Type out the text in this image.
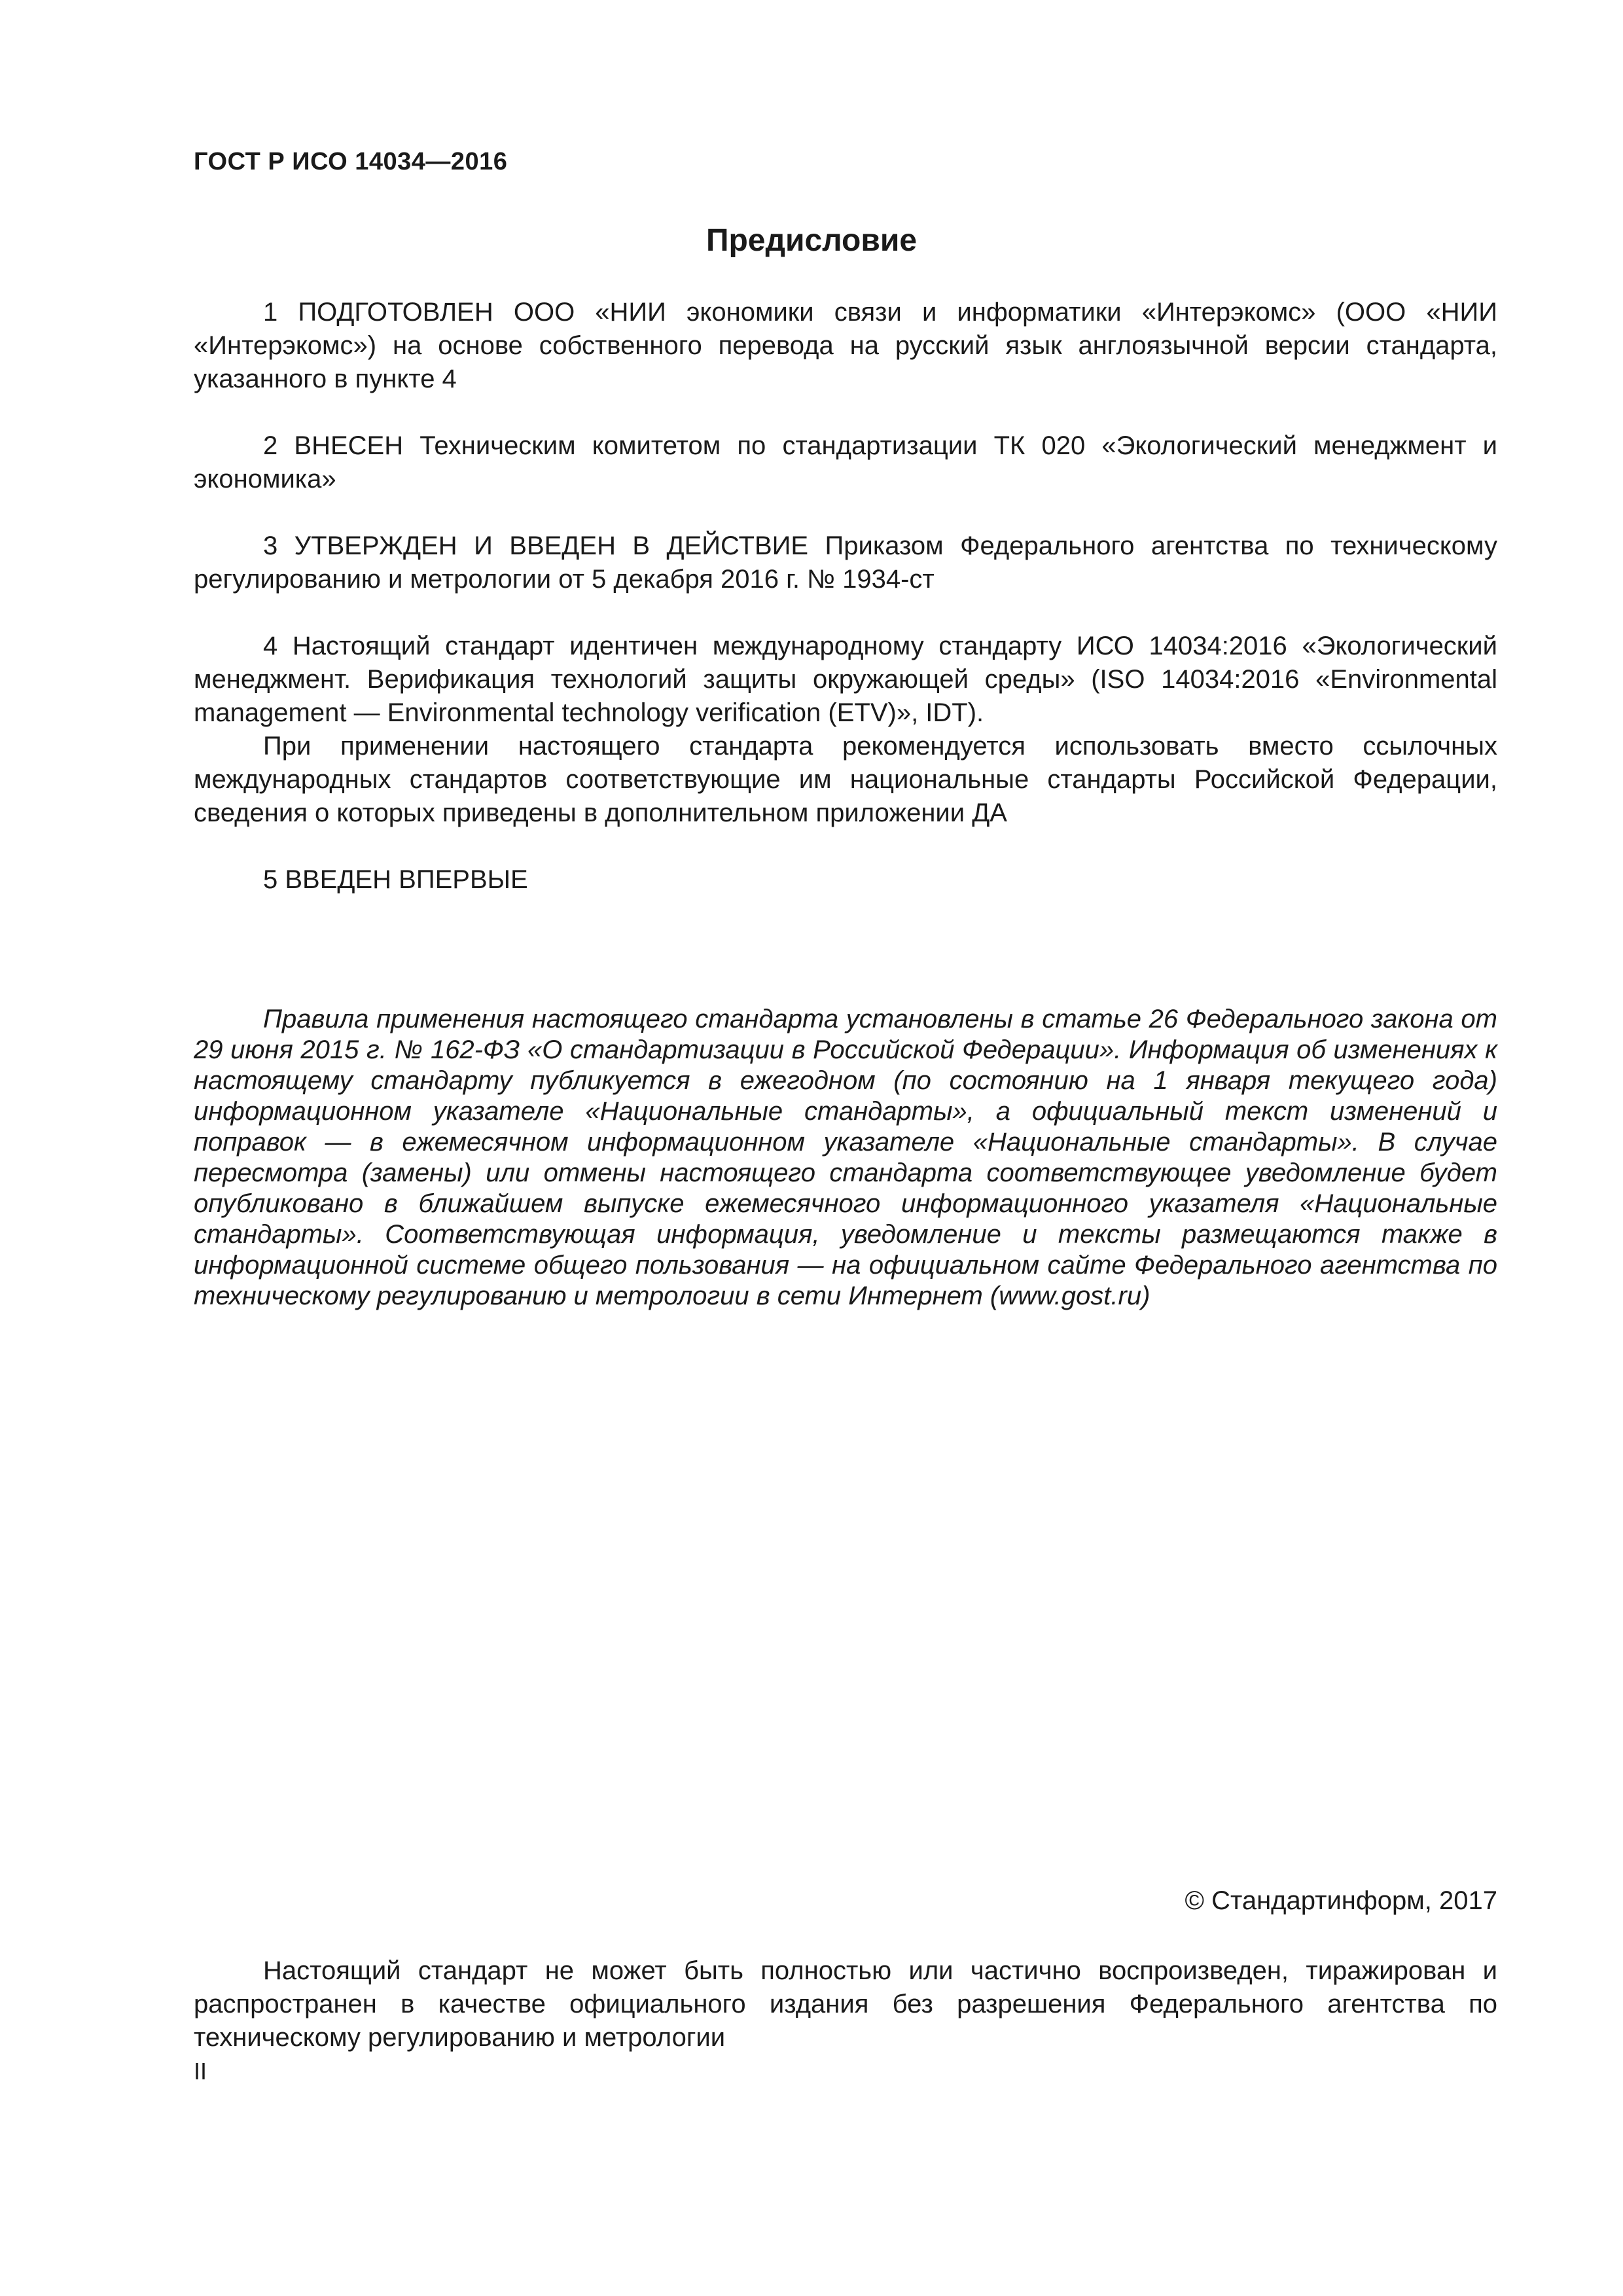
ГОСТ Р ИСО 14034—2016
Предисловие

1 ПОДГОТОВЛЕН ООО «НИИ экономики связи и информатики «Интерэкомс» (ООО «НИИ «Интерэкомс») на основе собственного перевода на русский язык англоязычной версии стандарта, указанного в пункте 4

2 ВНЕСЕН Техническим комитетом по стандартизации ТК 020 «Экологический менеджмент и экономика»

3 УТВЕРЖДЕН И ВВЕДЕН В ДЕЙСТВИЕ Приказом Федерального агентства по техническому регулированию и метрологии от 5 декабря 2016 г. № 1934-ст

4 Настоящий стандарт идентичен международному стандарту ИСО 14034:2016 «Экологический менеджмент. Верификация технологий защиты окружающей среды» (ISO 14034:2016 «Environmental management — Environmental technology verification (ETV)», IDT).

При применении настоящего стандарта рекомендуется использовать вместо ссылочных международных стандартов соответствующие им национальные стандарты Российской Федерации, сведения о которых приведены в дополнительном приложении ДА

5 ВВЕДЕН ВПЕРВЫЕ

Правила применения настоящего стандарта установлены в статье 26 Федерального закона от 29 июня 2015 г. № 162-ФЗ «О стандартизации в Российской Федерации». Информация об изменениях к настоящему стандарту публикуется в ежегодном (по состоянию на 1 января текущего года) информационном указателе «Национальные стандарты», а официальный текст изменений и поправок — в ежемесячном информационном указателе «Национальные стандарты». В случае пересмотра (замены) или отмены настоящего стандарта соответствующее уведомление будет опубликовано в ближайшем выпуске ежемесячного информационного указателя «Национальные стандарты». Соответствующая информация, уведомление и тексты размещаются также в информационной системе общего пользования — на официальном сайте Федерального агентства по техническому регулированию и метрологии в сети Интернет (www.gost.ru)

© Стандартинформ, 2017

Настоящий стандарт не может быть полностью или частично воспроизведен, тиражирован и распространен в качестве официального издания без разрешения Федерального агентства по техническому регулированию и метрологии

II
